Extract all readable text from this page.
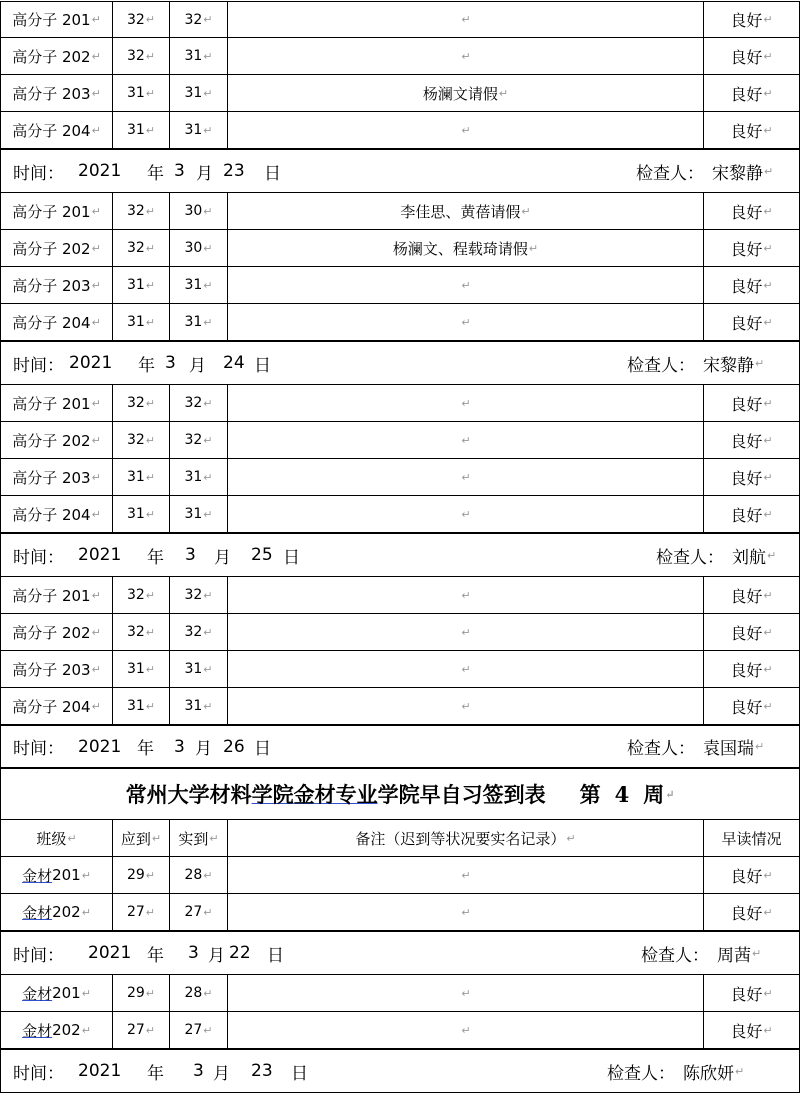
高分子 201 ↵ 32 ↵ 32 ↵	↵	良好 ↵
高分子 202 ↵ 32 ↵ 31 ↵	↵	良好 ↵
高分子 203 ↵ 31 ↵ 31 ↵	杨澜文请假 ↵	良好 ↵
高分子 204 ↵ 31 ↵ 31 ↵	↵	良好 ↵
时间： 2021 年 3 月 23 日	检查人： 宋黎静 ↵
高分子 201 ↵ 32 ↵ 30 ↵	李佳思、黄蓓请假 ↵	良好 ↵
高分子 202 ↵ 32 ↵ 30 ↵	杨澜文、程载琦请假 ↵	良好 ↵
高分子 203 ↵ 31 ↵ 31 ↵	↵	良好 ↵
高分子 204 ↵ 31 ↵ 31 ↵	↵	良好 ↵
时间： 2021 年 3 月 24 日	检查人： 宋黎静 ↵
高分子 201 ↵ 32 ↵ 32 ↵	↵	良好 ↵
高分子 202 ↵ 32 ↵ 32 ↵	↵	良好 ↵
高分子 203 ↵ 31 ↵ 31 ↵	↵	良好 ↵
高分子 204 ↵ 31 ↵ 31 ↵	↵	良好 ↵
时间： 2021 年 3 月 25 日	检查人： 刘航 ↵
高分子 201 ↵ 32 ↵ 32 ↵	↵	良好 ↵
高分子 202 ↵ 32 ↵ 32 ↵	↵	良好 ↵
高分子 203 ↵ 31 ↵ 31 ↵	↵	良好 ↵
高分子 204 ↵ 31 ↵ 31 ↵	↵	良好 ↵
时间： 2021 年 3 月 26 日	检查人： 袁国瑞 ↵
常州大学材料 学院金材专业 学院早自习签到表 第 4 周 ↵
班级 ↵	应到 ↵ 实到 ↵	备注（迟到等状况要实名记录） ↵	早读情况
金材 201 ↵	29 ↵ 28 ↵	↵	良好 ↵
金材 202 ↵	27 ↵ 27 ↵	↵	良好 ↵
时间： 2021 年 3 月 22 日	检查人： 周茜 ↵
金材 201 ↵	29 ↵ 28 ↵	↵	良好 ↵
金材 202 ↵	27 ↵ 27 ↵	↵	良好 ↵
时间： 2021 年 3 月 23 日	检查人： 陈欣妍 ↵
